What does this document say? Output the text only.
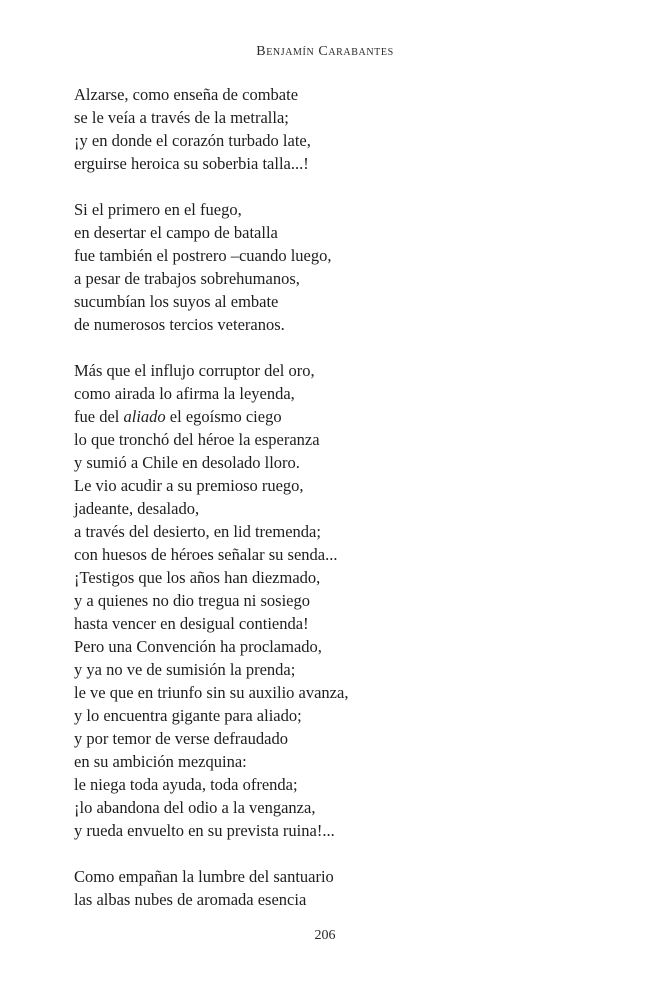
Benjamín Carabantes
Alzarse, como enseña de combate
se le veía a través de la metralla;
¡y en donde el corazón turbado late,
erguirse heroica su soberbia talla...!
Si el primero en el fuego,
en desertar el campo de batalla
fue también el postrero –cuando luego,
a pesar de trabajos sobrehumanos,
sucumbían los suyos al embate
de numerosos tercios veteranos.
Más que el influjo corruptor del oro,
como airada lo afirma la leyenda,
fue del aliado el egoísmo ciego
lo que tronchó del héroe la esperanza
y sumió a Chile en desolado lloro.
Le vio acudir a su premioso ruego,
jadeante, desalado,
a través del desierto, en lid tremenda;
con huesos de héroes señalar su senda...
¡Testigos que los años han diezmado,
y a quienes no dio tregua ni sosiego
hasta vencer en desigual contienda!
Pero una Convención ha proclamado,
y ya no ve de sumisión la prenda;
le ve que en triunfo sin su auxilio avanza,
y lo encuentra gigante para aliado;
y por temor de verse defraudado
en su ambición mezquina:
le niega toda ayuda, toda ofrenda;
¡lo abandona del odio a la venganza,
y rueda envuelto en su prevista ruina!...
Como empañan la lumbre del santuario
las albas nubes de aromada esencia
206
